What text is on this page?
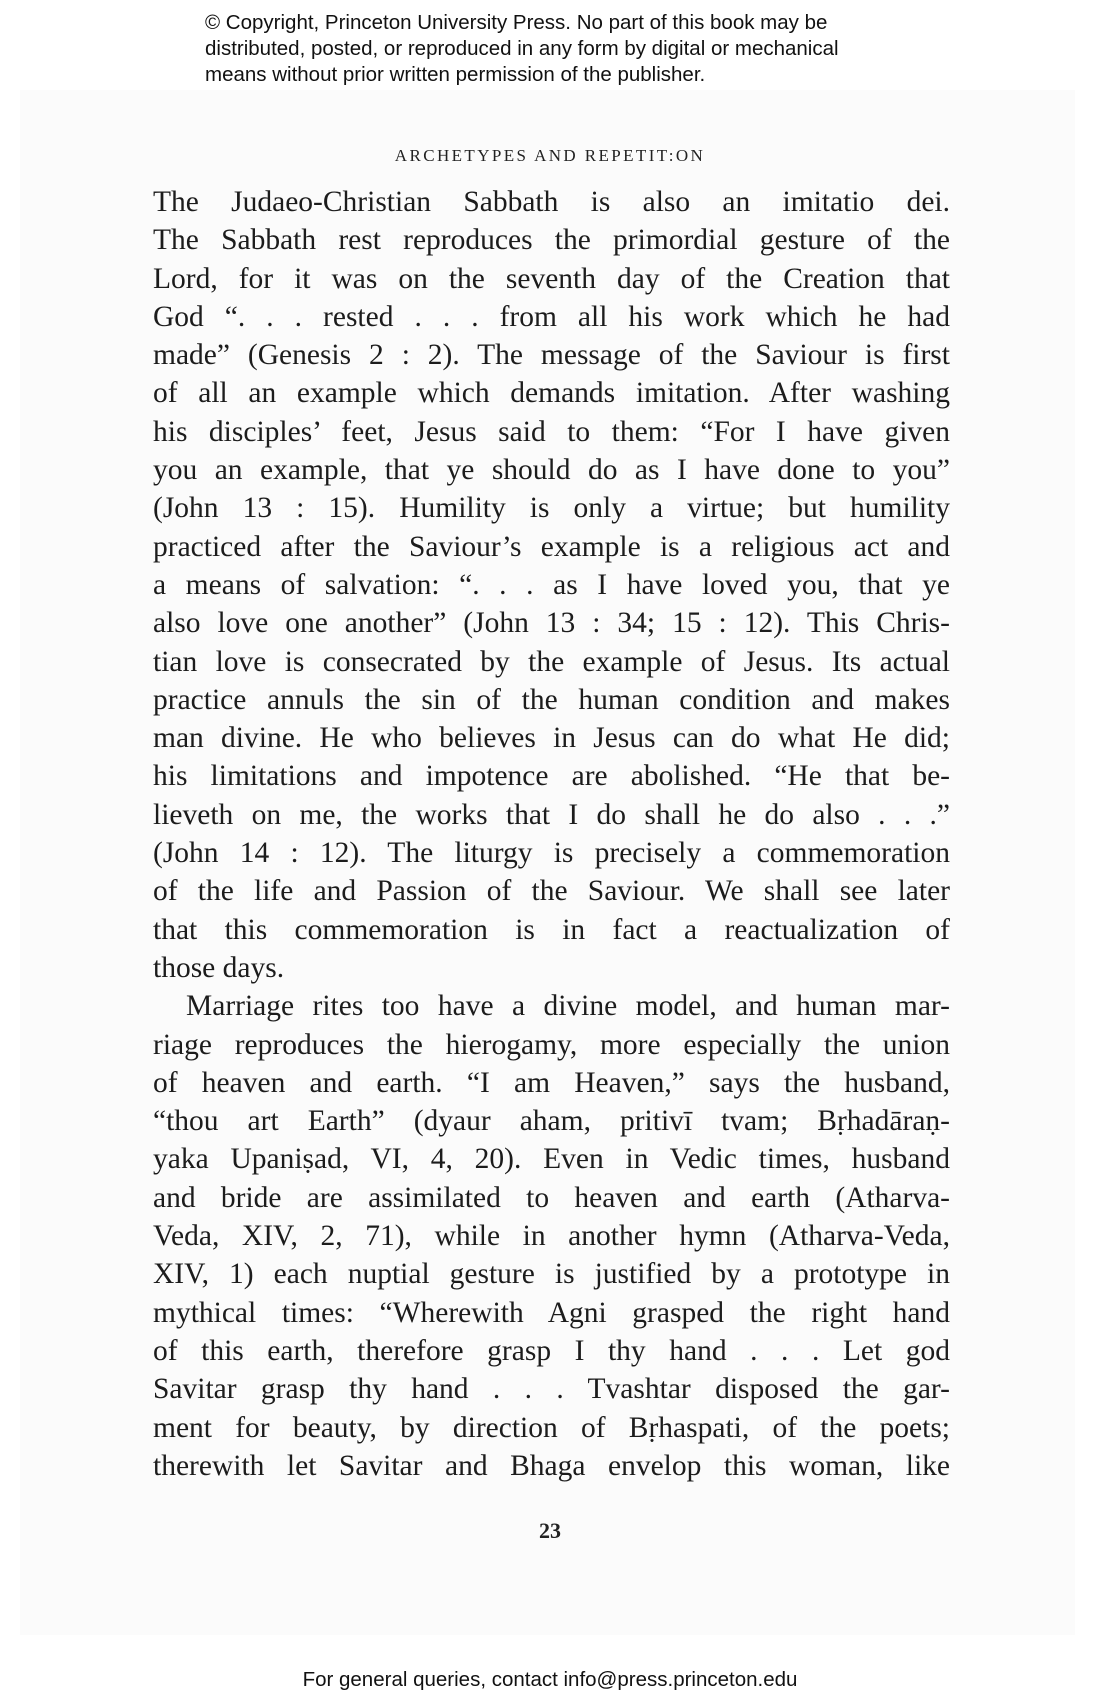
© Copyright, Princeton University Press. No part of this book may be
distributed, posted, or reproduced in any form by digital or mechanical
means without prior written permission of the publisher.
ARCHETYPES AND REPETIT:ON
The Judaeo-Christian Sabbath is also an imitatio dei.
The Sabbath rest reproduces the primordial gesture of the
Lord, for it was on the seventh day of the Creation that
God “. . . rested . . . from all his work which he had
made” (Genesis 2 : 2). The message of the Saviour is first
of all an example which demands imitation. After washing
his disciples’ feet, Jesus said to them: “For I have given
you an example, that ye should do as I have done to you”
(John 13 : 15). Humility is only a virtue; but humility
practiced after the Saviour’s example is a religious act and
a means of salvation: “. . . as I have loved you, that ye
also love one another” (John 13 : 34; 15 : 12). This Chris-
tian love is consecrated by the example of Jesus. Its actual
practice annuls the sin of the human condition and makes
man divine. He who believes in Jesus can do what He did;
his limitations and impotence are abolished. “He that be-
lieveth on me, the works that I do shall he do also . . .”
(John 14 : 12). The liturgy is precisely a commemoration
of the life and Passion of the Saviour. We shall see later
that this commemoration is in fact a reactualization of
those days.
Marriage rites too have a divine model, and human mar-
riage reproduces the hierogamy, more especially the union
of heaven and earth. “I am Heaven,” says the husband,
“thou art Earth” (dyaur aham, pritivī tvam; Bṛhadāraṇ-
yaka Upaniṣad, VI, 4, 20). Even in Vedic times, husband
and bride are assimilated to heaven and earth (Atharva-
Veda, XIV, 2, 71), while in another hymn (Atharva-Veda,
XIV, 1) each nuptial gesture is justified by a prototype in
mythical times: “Wherewith Agni grasped the right hand
of this earth, therefore grasp I thy hand . . . Let god
Savitar grasp thy hand . . . Tvashtar disposed the gar-
ment for beauty, by direction of Bṛhaspati, of the poets;
therewith let Savitar and Bhaga envelop this woman, like
23
For general queries, contact info@press.princeton.edu
